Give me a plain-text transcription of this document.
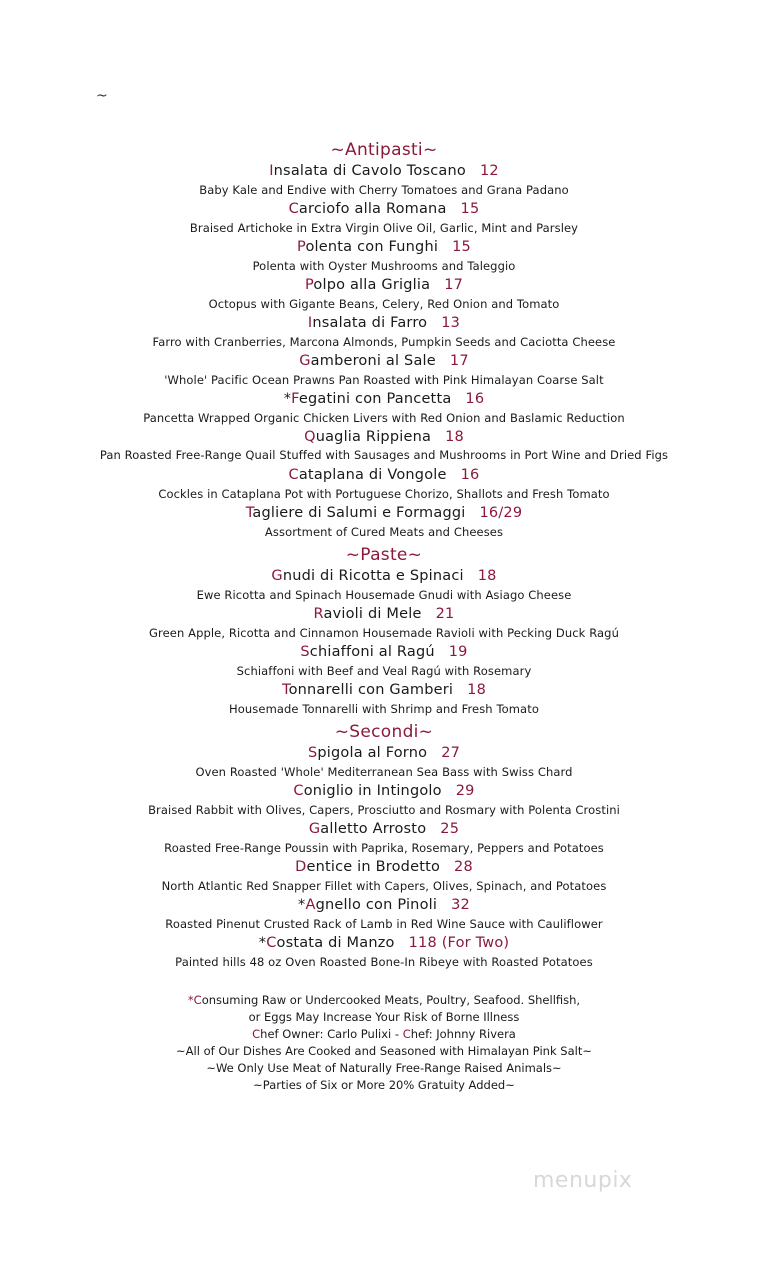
~
~Antipasti~
Insalata di Cavolo Toscano 12
Baby Kale and Endive with Cherry Tomatoes and Grana Padano
Carciofo alla Romana 15
Braised Artichoke in Extra Virgin Olive Oil, Garlic, Mint and Parsley
Polenta con Funghi 15
Polenta with Oyster Mushrooms and Taleggio
Polpo alla Griglia 17
Octopus with Gigante Beans, Celery, Red Onion and Tomato
Insalata di Farro 13
Farro with Cranberries, Marcona Almonds, Pumpkin Seeds and Caciotta Cheese
Gamberoni al Sale 17
'Whole' Pacific Ocean Prawns Pan Roasted with Pink Himalayan Coarse Salt
*Fegatini con Pancetta 16
Pancetta Wrapped Organic Chicken Livers with Red Onion and Baslamic Reduction
Quaglia Rippiena 18
Pan Roasted Free-Range Quail Stuffed with Sausages and Mushrooms in Port Wine and Dried Figs
Cataplana di Vongole 16
Cockles in Cataplana Pot with Portuguese Chorizo, Shallots and Fresh Tomato
Tagliere di Salumi e Formaggi 16/29
Assortment of Cured Meats and Cheeses
~Paste~
Gnudi di Ricotta e Spinaci 18
Ewe Ricotta and Spinach Housemade Gnudi with Asiago Cheese
Ravioli di Mele 21
Green Apple, Ricotta and Cinnamon Housemade Ravioli with Pecking Duck Ragú
Schiaffoni al Ragú 19
Schiaffoni with Beef and Veal Ragú with Rosemary
Tonnarelli con Gamberi 18
Housemade Tonnarelli with Shrimp and Fresh Tomato
~Secondi~
Spigola al Forno 27
Oven Roasted 'Whole' Mediterranean Sea Bass with Swiss Chard
Coniglio in Intingolo 29
Braised Rabbit with Olives, Capers, Prosciutto and Rosmary with Polenta Crostini
Galletto Arrosto 25
Roasted Free-Range Poussin with Paprika, Rosemary, Peppers and Potatoes
Dentice in Brodetto 28
North Atlantic Red Snapper Fillet with Capers, Olives, Spinach, and Potatoes
*Agnello con Pinoli 32
Roasted Pinenut Crusted Rack of Lamb in Red Wine Sauce with Cauliflower
*Costata di Manzo 118 (For Two)
Painted hills 48 oz Oven Roasted Bone-In Ribeye with Roasted Potatoes
*Consuming Raw or Undercooked Meats, Poultry, Seafood. Shellfish,
or Eggs May Increase Your Risk of Borne Illness
Chef Owner: Carlo Pulixi - Chef: Johnny Rivera
~All of Our Dishes Are Cooked and Seasoned with Himalayan Pink Salt~
~We Only Use Meat of Naturally Free-Range Raised Animals~
~Parties of Six or More 20% Gratuity Added~
menupix
